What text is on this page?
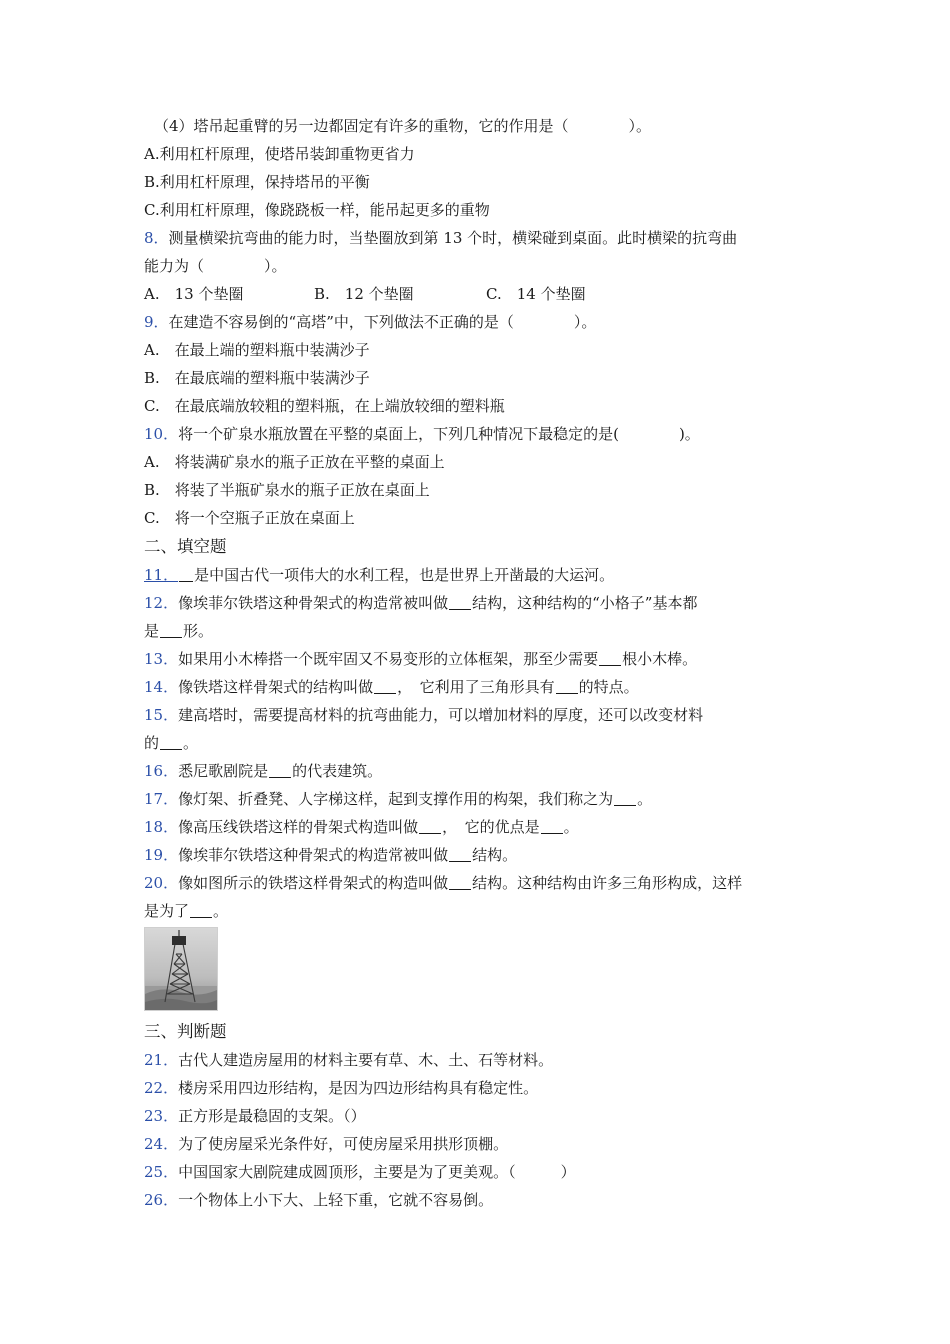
（4）塔吊起重臂的另一边都固定有许多的重物，它的作用是（　　　　）。
A.利用杠杆原理，使塔吊装卸重物更省力
B.利用杠杆原理，保持塔吊的平衡
C.利用杠杆原理，像跷跷板一样，能吊起更多的重物
8．测量横梁抗弯曲的能力时，当垫圈放到第 13 个时，横梁碰到桌面。此时横梁的抗弯曲
能力为（　　　　）。
A.　13 个垫圈	B.　12 个垫圈	C.　14 个垫圈
9．在建造不容易倒的“高塔”中，下列做法不正确的是（　　　　）。
A.　在最上端的塑料瓶中装满沙子
B.　在最底端的塑料瓶中装满沙子
C.　在最底端放较粗的塑料瓶，在上端放较细的塑料瓶
10．将一个矿泉水瓶放置在平整的桌面上，下列几种情况下最稳定的是(　　　　)。
A.　将装满矿泉水的瓶子正放在平整的桌面上
B.　将装了半瓶矿泉水的瓶子正放在桌面上
C.　将一个空瓶子正放在桌面上
二、填空题
11． 是中国古代一项伟大的水利工程，也是世界上开凿最的大运河。
12．像埃菲尔铁塔这种骨架式的构造常被叫做 结构，这种结构的“小格子”基本都
是 形。
13．如果用小木棒搭一个既牢固又不易变形的立体框架，那至少需要 根小木棒。
14．像铁塔这样骨架式的结构叫做 ，　它利用了三角形具有 的特点。
15．建高塔时，需要提高材料的抗弯曲能力，可以增加材料的厚度，还可以改变材料
的 。
16．悉尼歌剧院是 的代表建筑。
17．像灯架、折叠凳、人字梯这样，起到支撑作用的构架，我们称之为 。
18．像高压线铁塔这样的骨架式构造叫做 ，　它的优点是 。
19．像埃菲尔铁塔这种骨架式的构造常被叫做 结构。
20．像如图所示的铁塔这样骨架式的构造叫做 结构。这种结构由许多三角形构成，这样
是为了 。
三、判断题
21．古代人建造房屋用的材料主要有草、木、土、石等材料。
22．楼房采用四边形结构，是因为四边形结构具有稳定性。
23．正方形是最稳固的支架。（）
24．为了使房屋采光条件好，可使房屋采用拱形顶棚。
25．中国国家大剧院建成圆顶形，主要是为了更美观。（　　　）
26．一个物体上小下大、上轻下重，它就不容易倒。
